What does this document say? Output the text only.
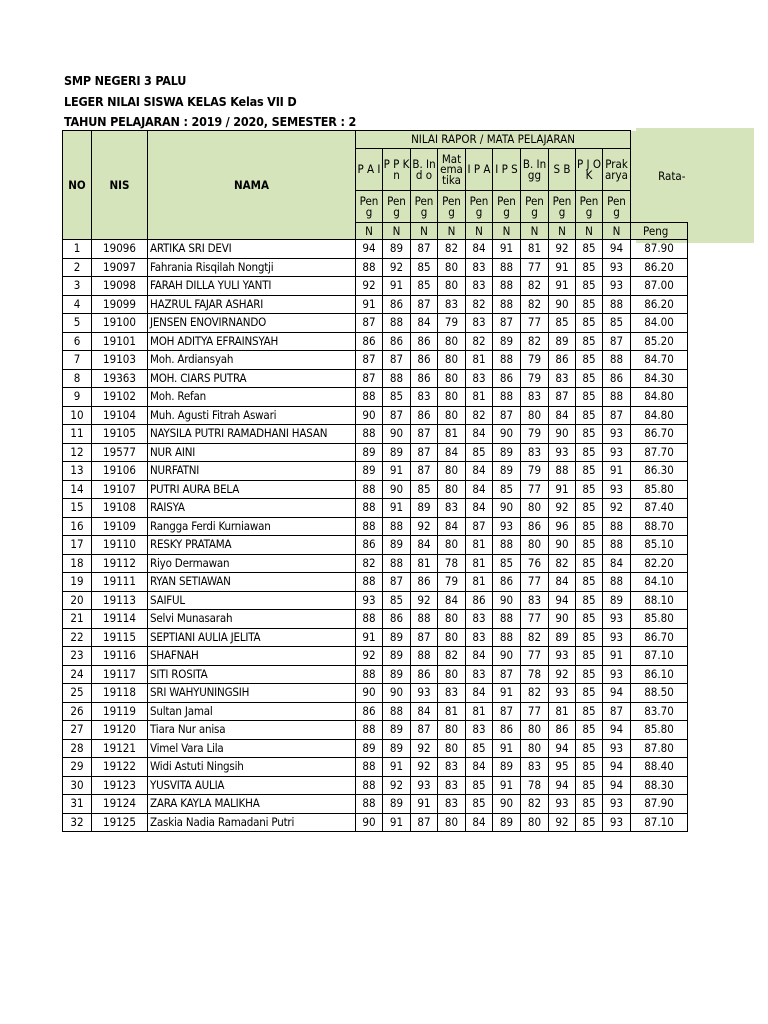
SMP NEGERI 3 PALU
LEGER NILAI SISWA KELAS Kelas VII D
TAHUN PELAJARAN : 2019 / 2020, SEMESTER : 2
NO	NIS	NAMA	NILAI RAPOR / MATA PELAJARAN										Rata-
			P A I	P P K n	B. Ind o	Mat ema tika	I P A	I P S	B. Ingg	S B	P J O K	Prak arya	
			Pen g	Pen g	Pen g	Pen g	Pen g	Pen g	Pen g	Pen g	Pen g	Pen g	
			N	N	N	N	N	N	N	N	N	N	Peng
1	19096	ARTIKA SRI DEVI	94	89	87	82	84	91	81	92	85	94	87.90
2	19097	Fahrania Risqilah Nongtji	88	92	85	80	83	88	77	91	85	93	86.20
3	19098	FARAH DILLA YULI YANTI	92	91	85	80	83	88	82	91	85	93	87.00
4	19099	HAZRUL FAJAR ASHARI	91	86	87	83	82	88	82	90	85	88	86.20
5	19100	JENSEN ENOVIRNANDO	87	88	84	79	83	87	77	85	85	85	84.00
6	19101	MOH ADITYA EFRAINSYAH	86	86	86	80	82	89	82	89	85	87	85.20
7	19103	Moh. Ardiansyah	87	87	86	80	81	88	79	86	85	88	84.70
8	19363	MOH. CIARS PUTRA	87	88	86	80	83	86	79	83	85	86	84.30
9	19102	Moh. Refan	88	85	83	80	81	88	83	87	85	88	84.80
10	19104	Muh. Agusti Fitrah Aswari	90	87	86	80	82	87	80	84	85	87	84.80
11	19105	NAYSILA PUTRI RAMADHANI HASAN	88	90	87	81	84	90	79	90	85	93	86.70
12	19577	NUR AINI	89	89	87	84	85	89	83	93	85	93	87.70
13	19106	NURFATNI	89	91	87	80	84	89	79	88	85	91	86.30
14	19107	PUTRI AURA BELA	88	90	85	80	84	85	77	91	85	93	85.80
15	19108	RAISYA	88	91	89	83	84	90	80	92	85	92	87.40
16	19109	Rangga Ferdi Kurniawan	88	88	92	84	87	93	86	96	85	88	88.70
17	19110	RESKY PRATAMA	86	89	84	80	81	88	80	90	85	88	85.10
18	19112	Riyo Dermawan	82	88	81	78	81	85	76	82	85	84	82.20
19	19111	RYAN SETIAWAN	88	87	86	79	81	86	77	84	85	88	84.10
20	19113	SAIFUL	93	85	92	84	86	90	83	94	85	89	88.10
21	19114	Selvi Munasarah	88	86	88	80	83	88	77	90	85	93	85.80
22	19115	SEPTIANI AULIA JELITA	91	89	87	80	83	88	82	89	85	93	86.70
23	19116	SHAFNAH	92	89	88	82	84	90	77	93	85	91	87.10
24	19117	SITI ROSITA	88	89	86	80	83	87	78	92	85	93	86.10
25	19118	SRI WAHYUNINGSIH	90	90	93	83	84	91	82	93	85	94	88.50
26	19119	Sultan Jamal	86	88	84	81	81	87	77	81	85	87	83.70
27	19120	Tiara Nur anisa	88	89	87	80	83	86	80	86	85	94	85.80
28	19121	Vimel Vara Lila	89	89	92	80	85	91	80	94	85	93	87.80
29	19122	Widi Astuti Ningsih	88	91	92	83	84	89	83	95	85	94	88.40
30	19123	YUSVITA AULIA	88	92	93	83	85	91	78	94	85	94	88.30
31	19124	ZARA KAYLA MALIKHA	88	89	91	83	85	90	82	93	85	93	87.90
32	19125	Zaskia Nadia Ramadani Putri	90	91	87	80	84	89	80	92	85	93	87.10
